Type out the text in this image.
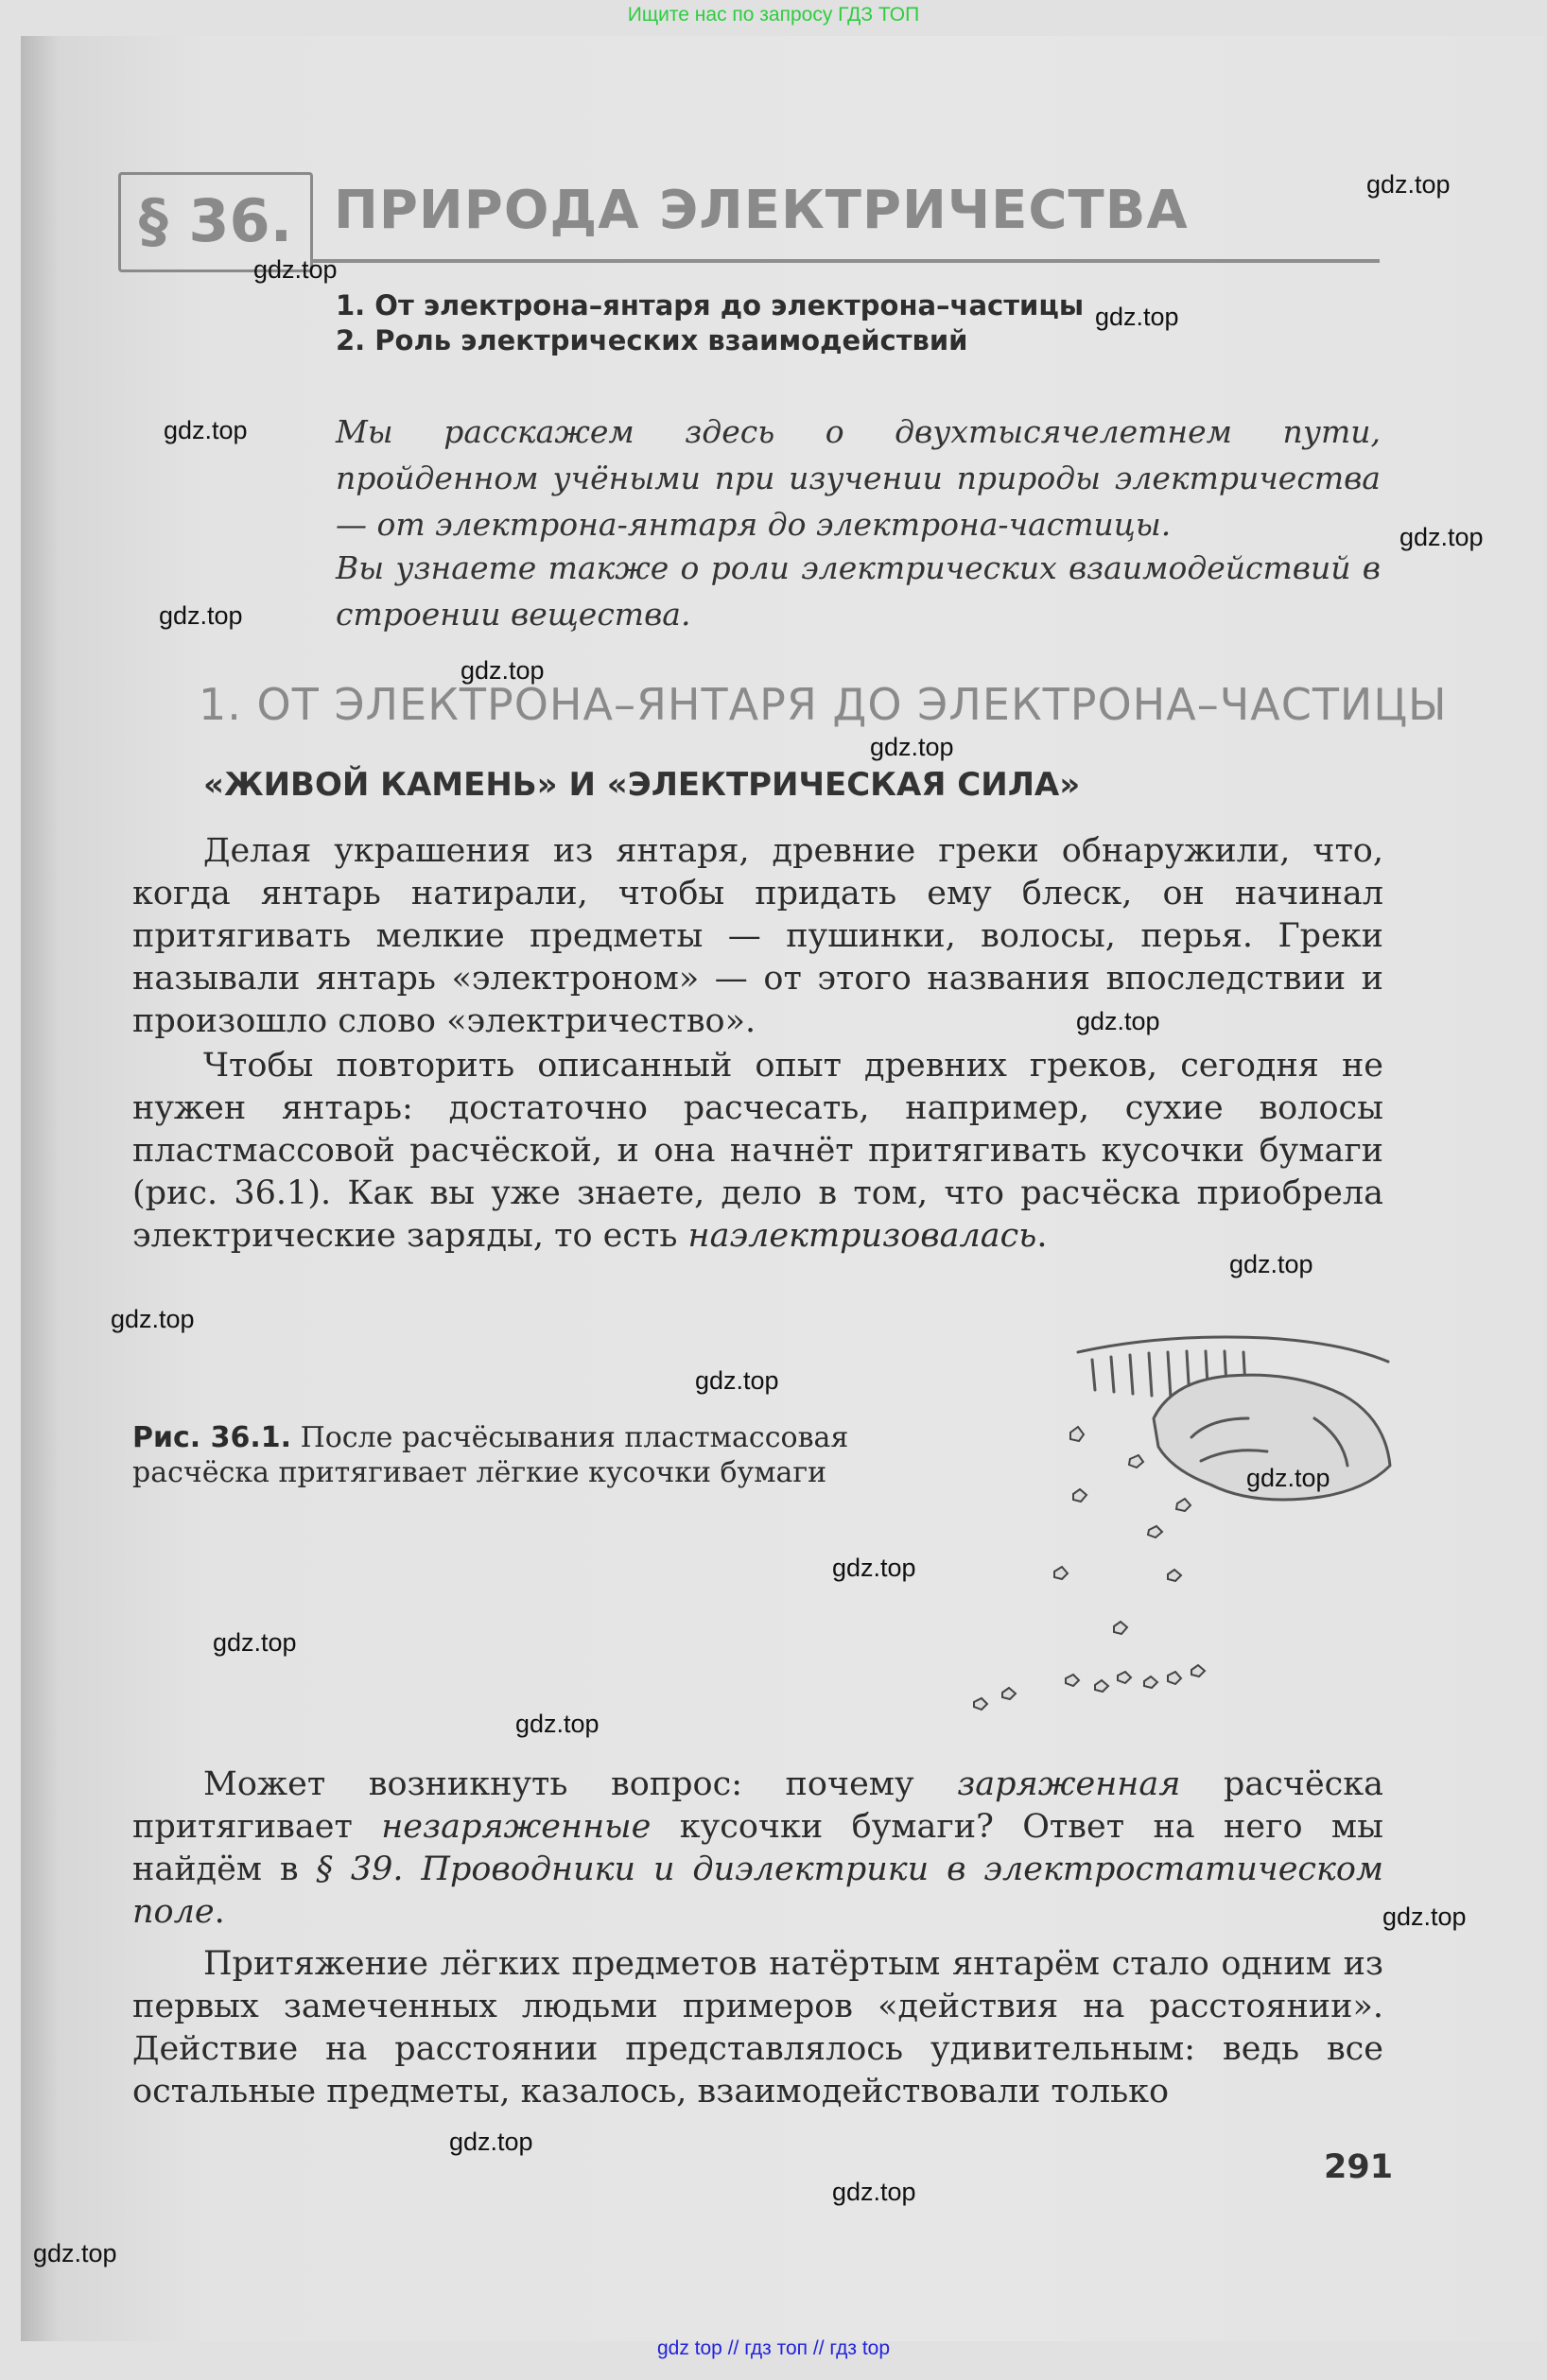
Ищите нас по запросу ГДЗ ТОП
§ 36. ПРИРОДА ЭЛЕКТРИЧЕСТВА
1. От электрона–янтаря до электрона–частицы
2. Роль электрических взаимодействий
Мы расскажем здесь о двухтысячелетнем пути, пройденном учёными при изучении природы электричества — от электрона-янтаря до электрона-частицы.
Вы узнаете также о роли электрических взаимодействий в строении вещества.
1. ОТ ЭЛЕКТРОНА–ЯНТАРЯ ДО ЭЛЕКТРОНА–ЧАСТИЦЫ
«ЖИВОЙ КАМЕНЬ» И «ЭЛЕКТРИЧЕСКАЯ СИЛА»

Делая украшения из янтаря, древние греки обнаружили, что, когда янтарь натирали, чтобы придать ему блеск, он начинал притягивать мелкие предметы — пушинки, волосы, перья. Греки называли янтарь «электроном» — от этого названия впоследствии и произошло слово «электричество».

Чтобы повторить описанный опыт древних греков, сегодня не нужен янтарь: достаточно расчесать, например, сухие волосы пластмассовой расчёской, и она начнёт притягивать кусочки бумаги (рис. 36.1). Как вы уже знаете, дело в том, что расчёска приобрела электрические заряды, то есть наэлектризовалась.

Рис. 36.1. После расчёсывания пластмассовая расчёска притягивает лёгкие кусочки бумаги

Может возникнуть вопрос: почему заряженная расчёска притягивает незаряженные кусочки бумаги? Ответ на него мы найдём в § 39. Проводники и диэлектрики в электростатическом поле.

Притяжение лёгких предметов натёртым янтарём стало одним из первых замеченных людьми примеров «действия на расстоянии». Действие на расстоянии представлялось удивительным: ведь все остальные предметы, казалось, взаимодействовали только

291
gdz.top
gdz.top
gdz.top
gdz.top
gdz.top
gdz.top
gdz.top
gdz.top
gdz.top
gdz.top
gdz.top
gdz.top
gdz.top
gdz.top
gdz.top
gdz.top
gdz.top
gdz.top
gdz.top
gdz.top
gdz top // гдз топ // гдз top
